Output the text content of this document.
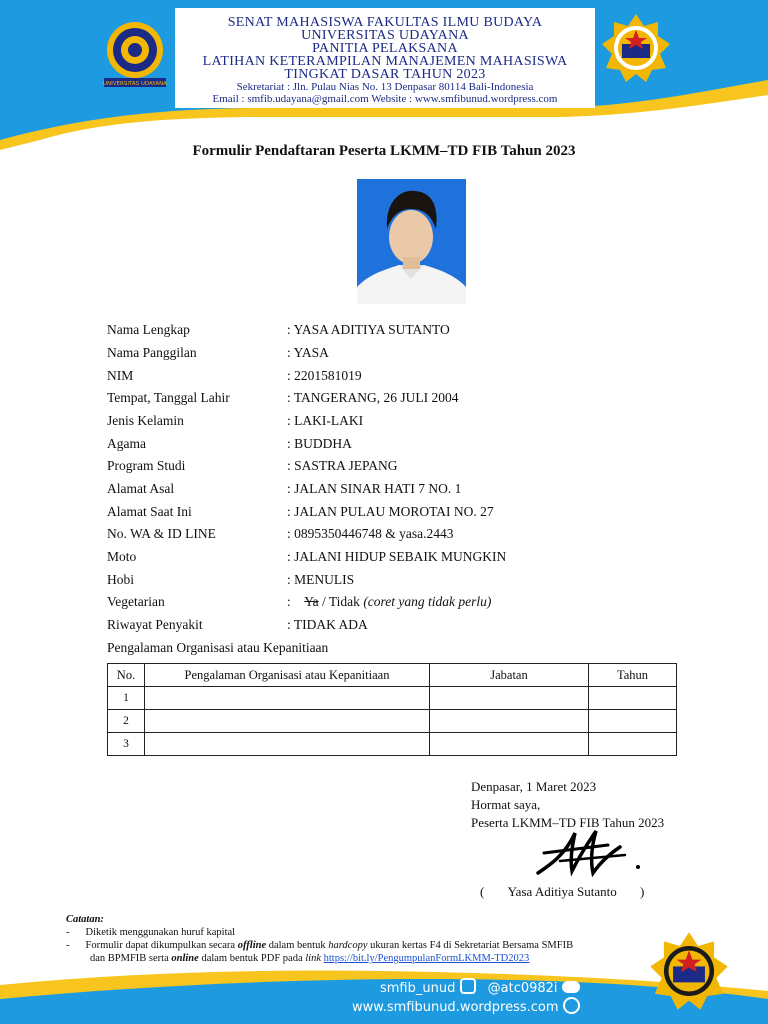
UNIVERSITAS UDAYANA
SENAT MAHASISWA FAKULTAS ILMU BUDAYA
UNIVERSITAS UDAYANA
PANITIA PELAKSANA
LATIHAN KETERAMPILAN MANAJEMEN MAHASISWA
TINGKAT DASAR TAHUN 2023
Sekretariat : Jln. Pulau Nias No. 13 Denpasar 80114 Bali-Indonesia
Email : smfib.udayana@gmail.com Website : www.smfibunud.wordpress.com
Formulir Pendaftaran Peserta LKMM–TD FIB Tahun 2023
Nama Lengkap	: YASA ADITIYA SUTANTO
Nama Panggilan	: YASA
NIM	: 2201581019
Tempat, Tanggal Lahir	: TANGERANG, 26 JULI 2004
Jenis Kelamin	: LAKI-LAKI
Agama	: BUDDHA
Program Studi	: SASTRA JEPANG
Alamat Asal	: JALAN SINAR HATI 7 NO. 1
Alamat Saat Ini	: JALAN PULAU MOROTAI NO. 27
No. WA & ID LINE	: 0895350446748 & yasa.2443
Moto	: JALANI HIDUP SEBAIK MUNGKIN
Hobi	: MENULIS
Vegetarian	: Ya / Tidak (coret yang tidak perlu)
Riwayat Penyakit	: TIDAK ADA
Pengalaman Organisasi atau Kepanitiaan
No.	Pengalaman Organisasi atau Kepanitiaan	Jabatan	Tahun
1			
2			
3			
Denpasar, 1 Maret 2023
Hormat saya,
Peserta LKMM–TD FIB Tahun 2023
( Yasa Aditiya Sutanto )
Catatan:
- Diketik menggunakan huruf kapital
- Formulir dapat dikumpulkan secara offline dalam bentuk hardcopy ukuran kertas F4 di Sekretariat Bersama SMFIB
dan BPMFIB serta online dalam bentuk PDF pada link https://bit.ly/PengumpulanFormLKMM-TD2023
smfib_unud @atc0982i
www.smfibunud.wordpress.com
